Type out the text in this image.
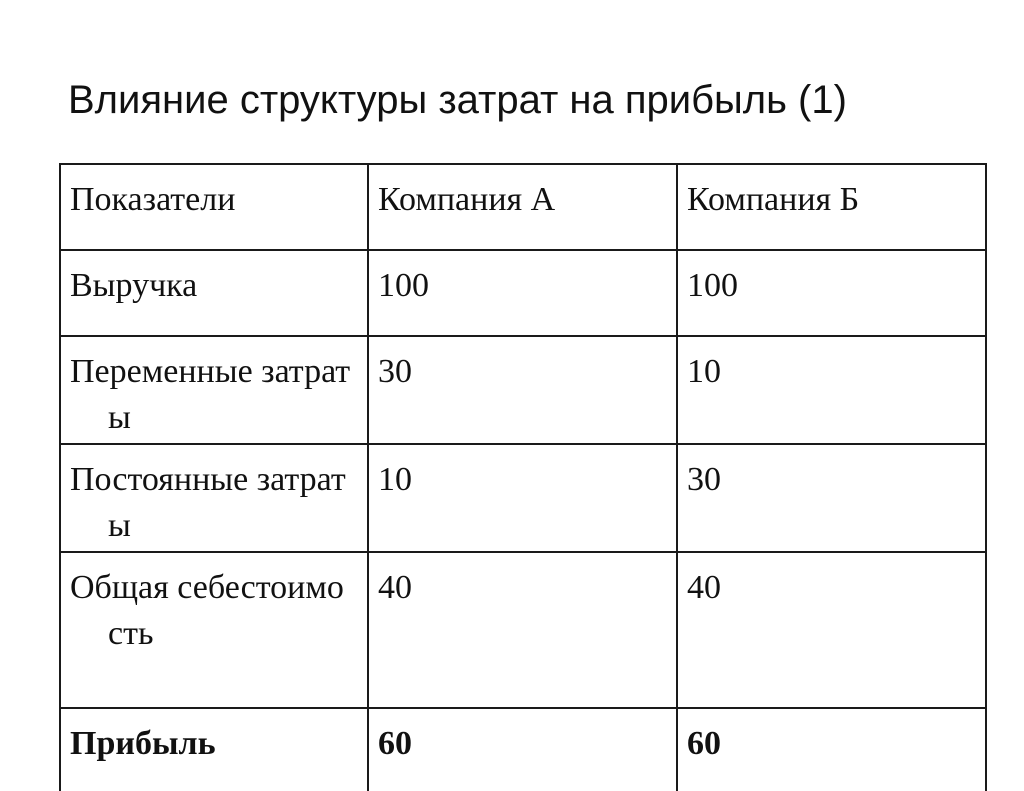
Влияние структуры затрат на прибыль (1)
Показатели	Компания А	Компания Б

Выручка	100	100

Переменные затраты	30	10

Постоянные затраты	10	30

Общая себестоимость	40	40

Прибыль	60	60
